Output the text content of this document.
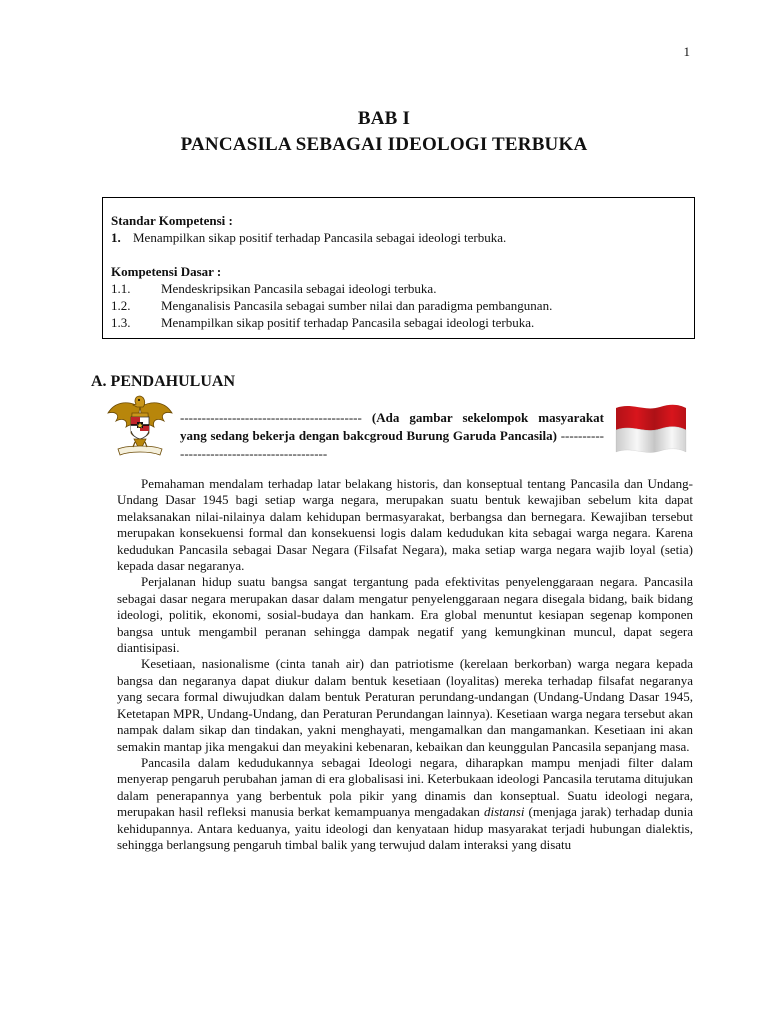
1
BAB I
PANCASILA SEBAGAI IDEOLOGI TERBUKA
Standar Kompetensi :
1. Menampilkan sikap positif terhadap Pancasila sebagai ideologi terbuka.
Kompetensi Dasar :
1.1.	Mendeskripsikan Pancasila sebagai ideologi terbuka.
1.2.	Menganalisis Pancasila sebagai sumber nilai dan paradigma pembangunan.
1.3.	Menampilkan sikap positif terhadap Pancasila sebagai ideologi terbuka.
A. PENDAHULUAN
------------------------------------------ (Ada gambar sekelompok masyarakat yang sedang bekerja dengan bakcgroud Burung Garuda Pancasila) --------------------------------------------

Pemahaman mendalam terhadap latar belakang historis, dan konseptual tentang Pancasila dan Undang-Undang Dasar 1945 bagi setiap warga negara, merupakan suatu bentuk kewajiban sebelum kita dapat melaksanakan nilai-nilainya dalam kehidupan bermasyarakat, berbangsa dan bernegara. Kewajiban tersebut merupakan konsekuensi formal dan konsekuensi logis dalam kedudukan kita sebagai warga negara. Karena kedudukan Pancasila sebagai Dasar Negara (Filsafat Negara), maka setiap warga negara wajib loyal (setia) kepada dasar negaranya.

Perjalanan hidup suatu bangsa sangat tergantung pada efektivitas penyelenggaraan negara. Pancasila sebagai dasar negara merupakan dasar dalam mengatur penyelenggaraan negara disegala bidang, baik bidang ideologi, politik, ekonomi, sosial-budaya dan hankam. Era global menuntut kesiapan segenap komponen bangsa untuk mengambil peranan sehingga dampak negatif yang kemungkinan muncul, dapat segera diantisipasi.

Kesetiaan, nasionalisme (cinta tanah air) dan patriotisme (kerelaan berkorban) warga negara kepada bangsa dan negaranya dapat diukur dalam bentuk kesetiaan (loyalitas) mereka terhadap filsafat negaranya yang secara formal diwujudkan dalam bentuk Peraturan perundang-undangan (Undang-Undang Dasar 1945, Ketetapan MPR, Undang-Undang, dan Peraturan Perundangan lainnya). Kesetiaan warga negara tersebut akan nampak dalam sikap dan tindakan, yakni menghayati, mengamalkan dan mangamankan. Kesetiaan ini akan semakin mantap jika mengakui dan meyakini kebenaran, kebaikan dan keunggulan Pancasila sepanjang masa.

Pancasila dalam kedudukannya sebagai Ideologi negara, diharapkan mampu menjadi filter dalam menyerap pengaruh perubahan jaman di era globalisasi ini. Keterbukaan ideologi Pancasila terutama ditujukan dalam penerapannya yang berbentuk pola pikir yang dinamis dan konseptual. Suatu ideologi negara, merupakan hasil refleksi manusia berkat kemampuanya mengadakan distansi (menjaga jarak) terhadap dunia kehidupannya. Antara keduanya, yaitu ideologi dan kenyataan hidup masyarakat terjadi hubungan dialektis, sehingga berlangsung pengaruh timbal balik yang terwujud dalam interaksi yang disatu
